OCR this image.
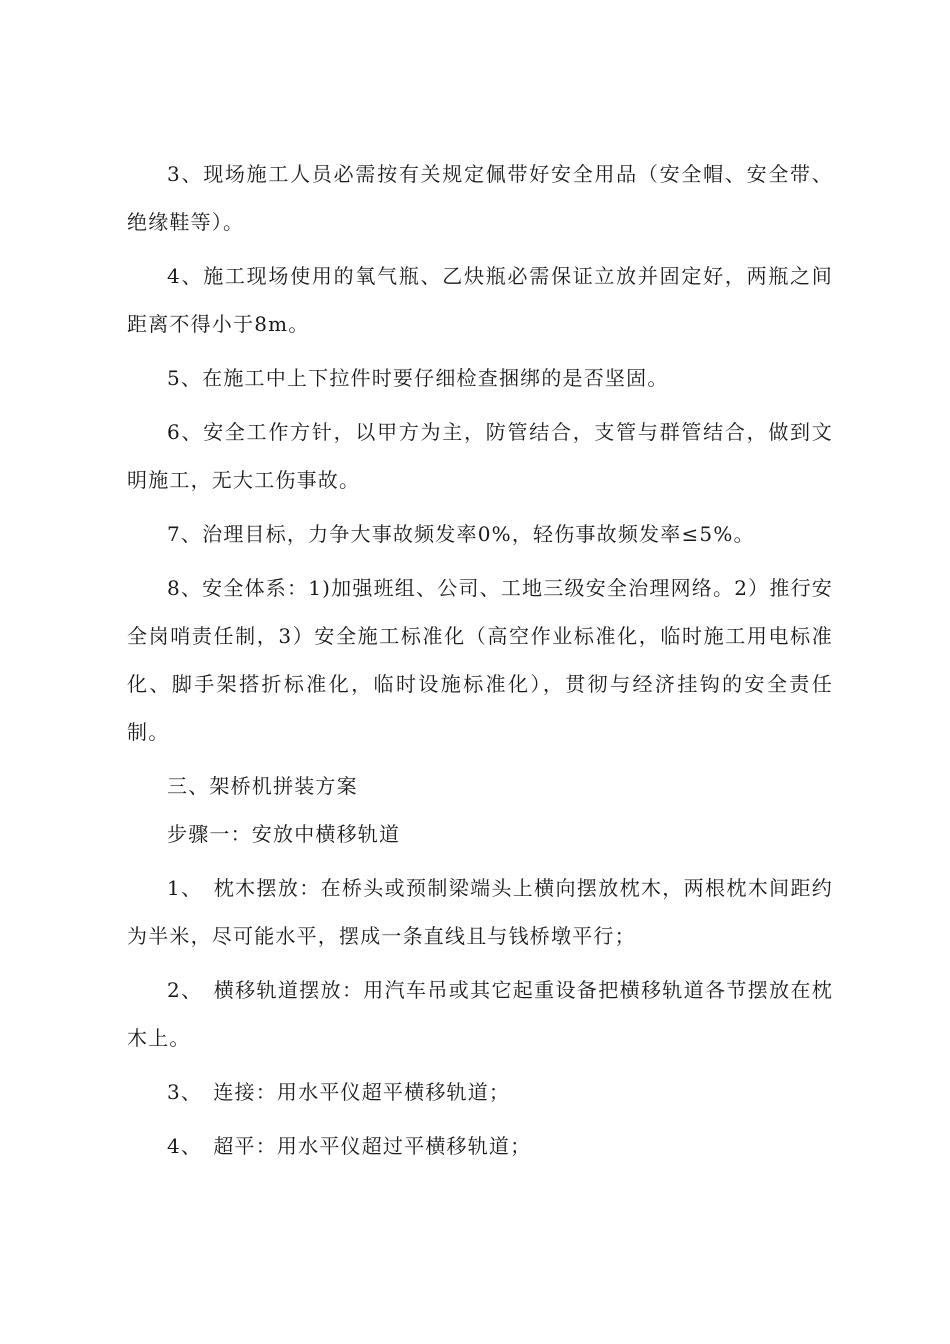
3、现场施工人员必需按有关规定佩带好安全用品（安全帽、安全带、绝缘鞋等）。

4、施工现场使用的氧气瓶、乙炔瓶必需保证立放并固定好，两瓶之间距离不得小于8m。

5、在施工中上下拉件时要仔细检查捆绑的是否坚固。

6、安全工作方针，以甲方为主，防管结合，支管与群管结合，做到文明施工，无大工伤事故。

7、治理目标，力争大事故频发率0%，轻伤事故频发率≤5%。

8、安全体系：1)加强班组、公司、工地三级安全治理网络。2）推行安全岗哨责任制，3）安全施工标准化（高空作业标准化，临时施工用电标准化、脚手架搭折标准化，临时设施标准化），贯彻与经济挂钩的安全责任制。

三、架桥机拼装方案

步骤一：安放中横移轨道

1、　枕木摆放：在桥头或预制梁端头上横向摆放枕木，两根枕木间距约为半米，尽可能水平，摆成一条直线且与钱桥墩平行；

2、　横移轨道摆放：用汽车吊或其它起重设备把横移轨道各节摆放在枕木上。

3、　连接：用水平仪超平横移轨道；

4、　超平：用水平仪超过平横移轨道；
